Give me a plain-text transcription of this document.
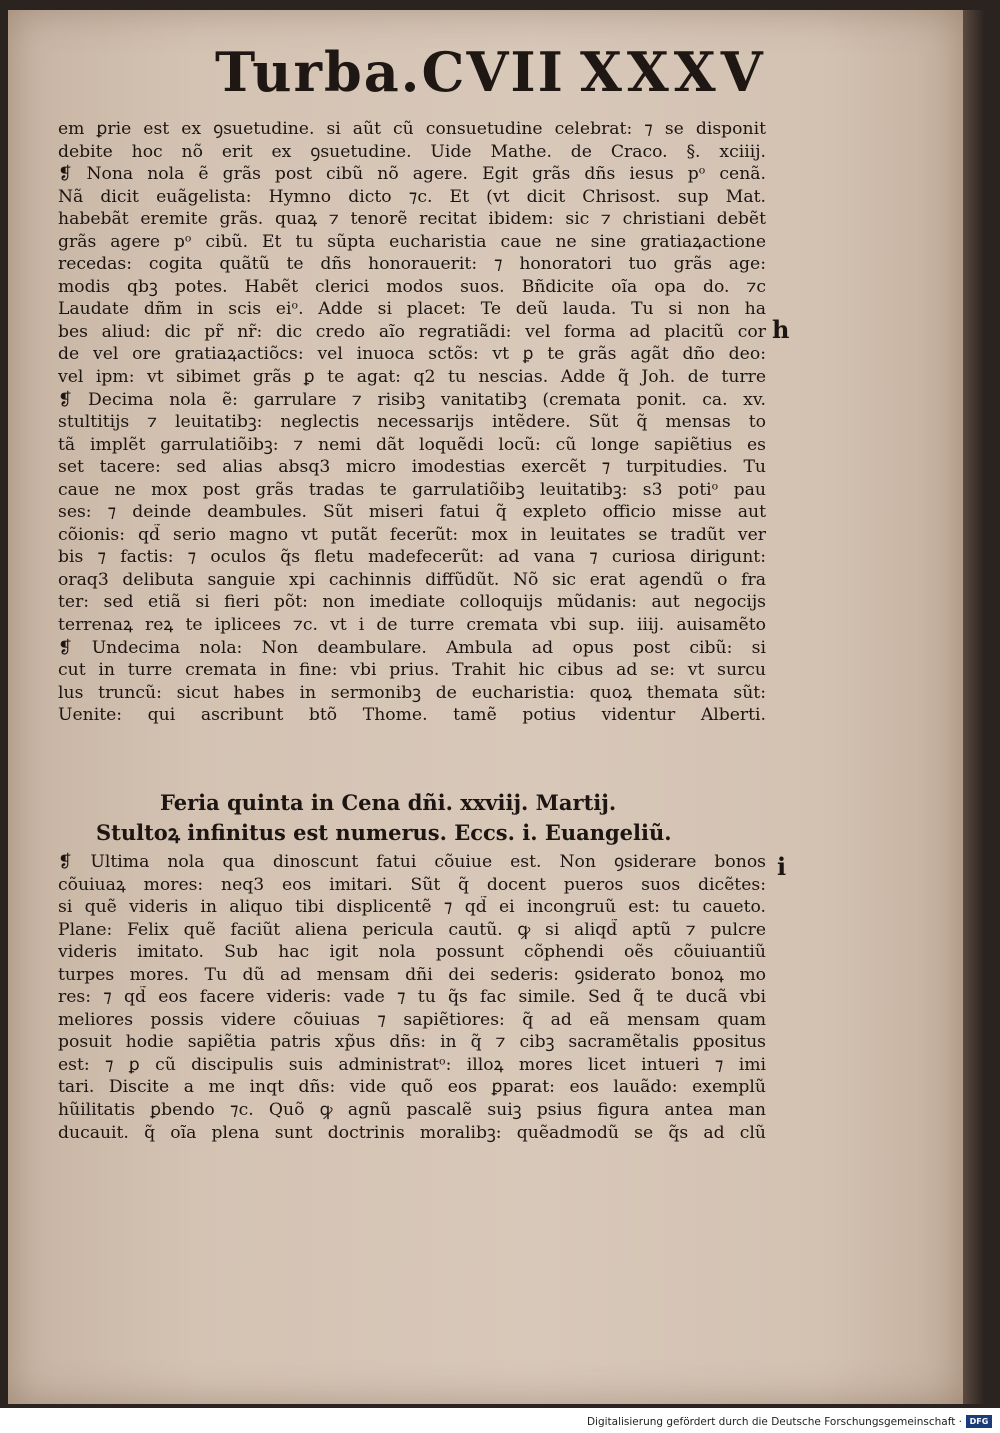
Turba.CVII XXXV
em ꝑrie est ex ꝯsuetudine. si aũt cũ consuetudine celebrat: ⁊ se disponit
debite hoc nõ erit ex ꝯsuetudine. Uide Mathe. de Craco. §. xciiij.
❡ Nona nola ẽ grãs post cibũ nõ agere. Egit grãs dñs iesus pᵒ cenã.
Nã dicit euãgelista: Hymno dicto ⁊c. Et (vt dicit Chrisost. sup Mat.
habebãt eremite grãs. quaꝝ ⁊ tenorẽ recitat ibidem: sic ⁊ christiani debẽt
grãs agere pᵒ cibũ. Et tu sũpta eucharistia caue ne sine gratiaꝝactione
recedas: cogita quãtũ te dñs honorauerit: ⁊ honoratori tuo grãs age:
modis qbꝫ potes. Habẽt clerici modos suos. Bñdicite oĩa opa do. ⁊c
Laudate dñm in scis eiᵒ. Adde si placet: Te deũ lauda. Tu si non ha
bes aliud: dic pr̃ nr̃: dic credo aĩo regratiãdi: vel forma ad placitũ cor
de vel ore gratiaꝝactiõcs: vel inuoca sctõs: vt ꝑ te grãs agãt dño deo:
vel ipm: vt sibimet grãs ꝑ te agat: q2 tu nescias. Adde q̃ Joh. de turre
❡ Decima nola ẽ: garrulare ⁊ risibꝫ vanitatibꝫ (cremata ponit. ca. xv.
stultitijs ⁊ leuitatibꝫ: neglectis necessarijs intẽdere. Sũt q̃ mensas to
tã implẽt garrulatiõibꝫ: ⁊ nemi dãt loquẽdi locũ: cũ longe sapiẽtius es
set tacere: sed alias absq3 micro imodestias exercẽt ⁊ turpitudies. Tu
caue ne mox post grãs tradas te garrulatiõibꝫ leuitatibꝫ: s3 potiᵒ pau
ses: ⁊ deinde deambules. Sũt miseri fatui q̃ expleto officio misse aut
cõionis: qd̃ serio magno vt putãt fecerũt: mox in leuitates se tradũt ver
bis ⁊ factis: ⁊ oculos q̃s fletu madefecerũt: ad vana ⁊ curiosa dirigunt:
oraq3 delibuta sanguie xpi cachinnis diffũdũt. Nõ sic erat agendũ o fra
ter: sed etiã si fieri põt: non imediate colloquijs mũdanis: aut negocijs
terrenaꝝ reꝝ te iplicees ⁊c. vt i de turre cremata vbi sup. iiij. auisamẽto
❡ Undecima nola: Non deambulare. Ambula ad opus post cibũ: si
cut in turre cremata in fine: vbi prius. Trahit hic cibus ad se: vt surcu
lus truncũ: sicut habes in sermonibꝫ de eucharistia: quoꝝ themata sũt:
Uenite: qui ascribunt btõ Thome. tamẽ potius videntur Alberti.
Feria quinta in Cena dñi. xxviij. Martij.
Stultoꝝ infinitus est numerus. Eccs. i. Euangeliũ.
❡ Ultima nola qua dinoscunt fatui cõuiue est. Non ꝯsiderare bonos
cõuiuaꝝ mores: neq3 eos imitari. Sũt q̃ docent pueros suos dicẽtes:
si quẽ videris in aliquo tibi displicentẽ ⁊ qd̃ ei incongruũ est: tu caueto.
Plane: Felix quẽ faciũt aliena pericula cautũ. ꝙ si aliqd̃ aptũ ⁊ pulcre
videris imitato. Sub hac igit nola possunt cõphendi oẽs cõuiuantiũ
turpes mores. Tu dũ ad mensam dñi dei sederis: ꝯsiderato bonoꝝ mo
res: ⁊ qd̃ eos facere videris: vade ⁊ tu q̃s fac simile. Sed q̃ te ducã vbi
meliores possis videre cõuiuas ⁊ sapiẽtiores: q̃ ad eã mensam quam
posuit hodie sapiẽtia patris xp̃us dñs: in q̃ ⁊ cibꝫ sacramẽtalis ꝑpositus
est: ⁊ ꝑ cũ discipulis suis administratᵒ: illoꝝ mores licet intueri ⁊ imi
tari. Discite a me inqt dñs: vide quõ eos ꝑparat: eos lauãdo: exemplũ
hũilitatis ꝑbendo ⁊c. Quõ ꝙ agnũ pascalẽ suiꝫ psius figura antea man
ducauit. q̃ oĩa plena sunt doctrinis moralibꝫ: quẽadmodũ se q̃s ad clũ
h
i
Digitalisierung gefördert durch die Deutsche Forschungsgemeinschaft · DFG
